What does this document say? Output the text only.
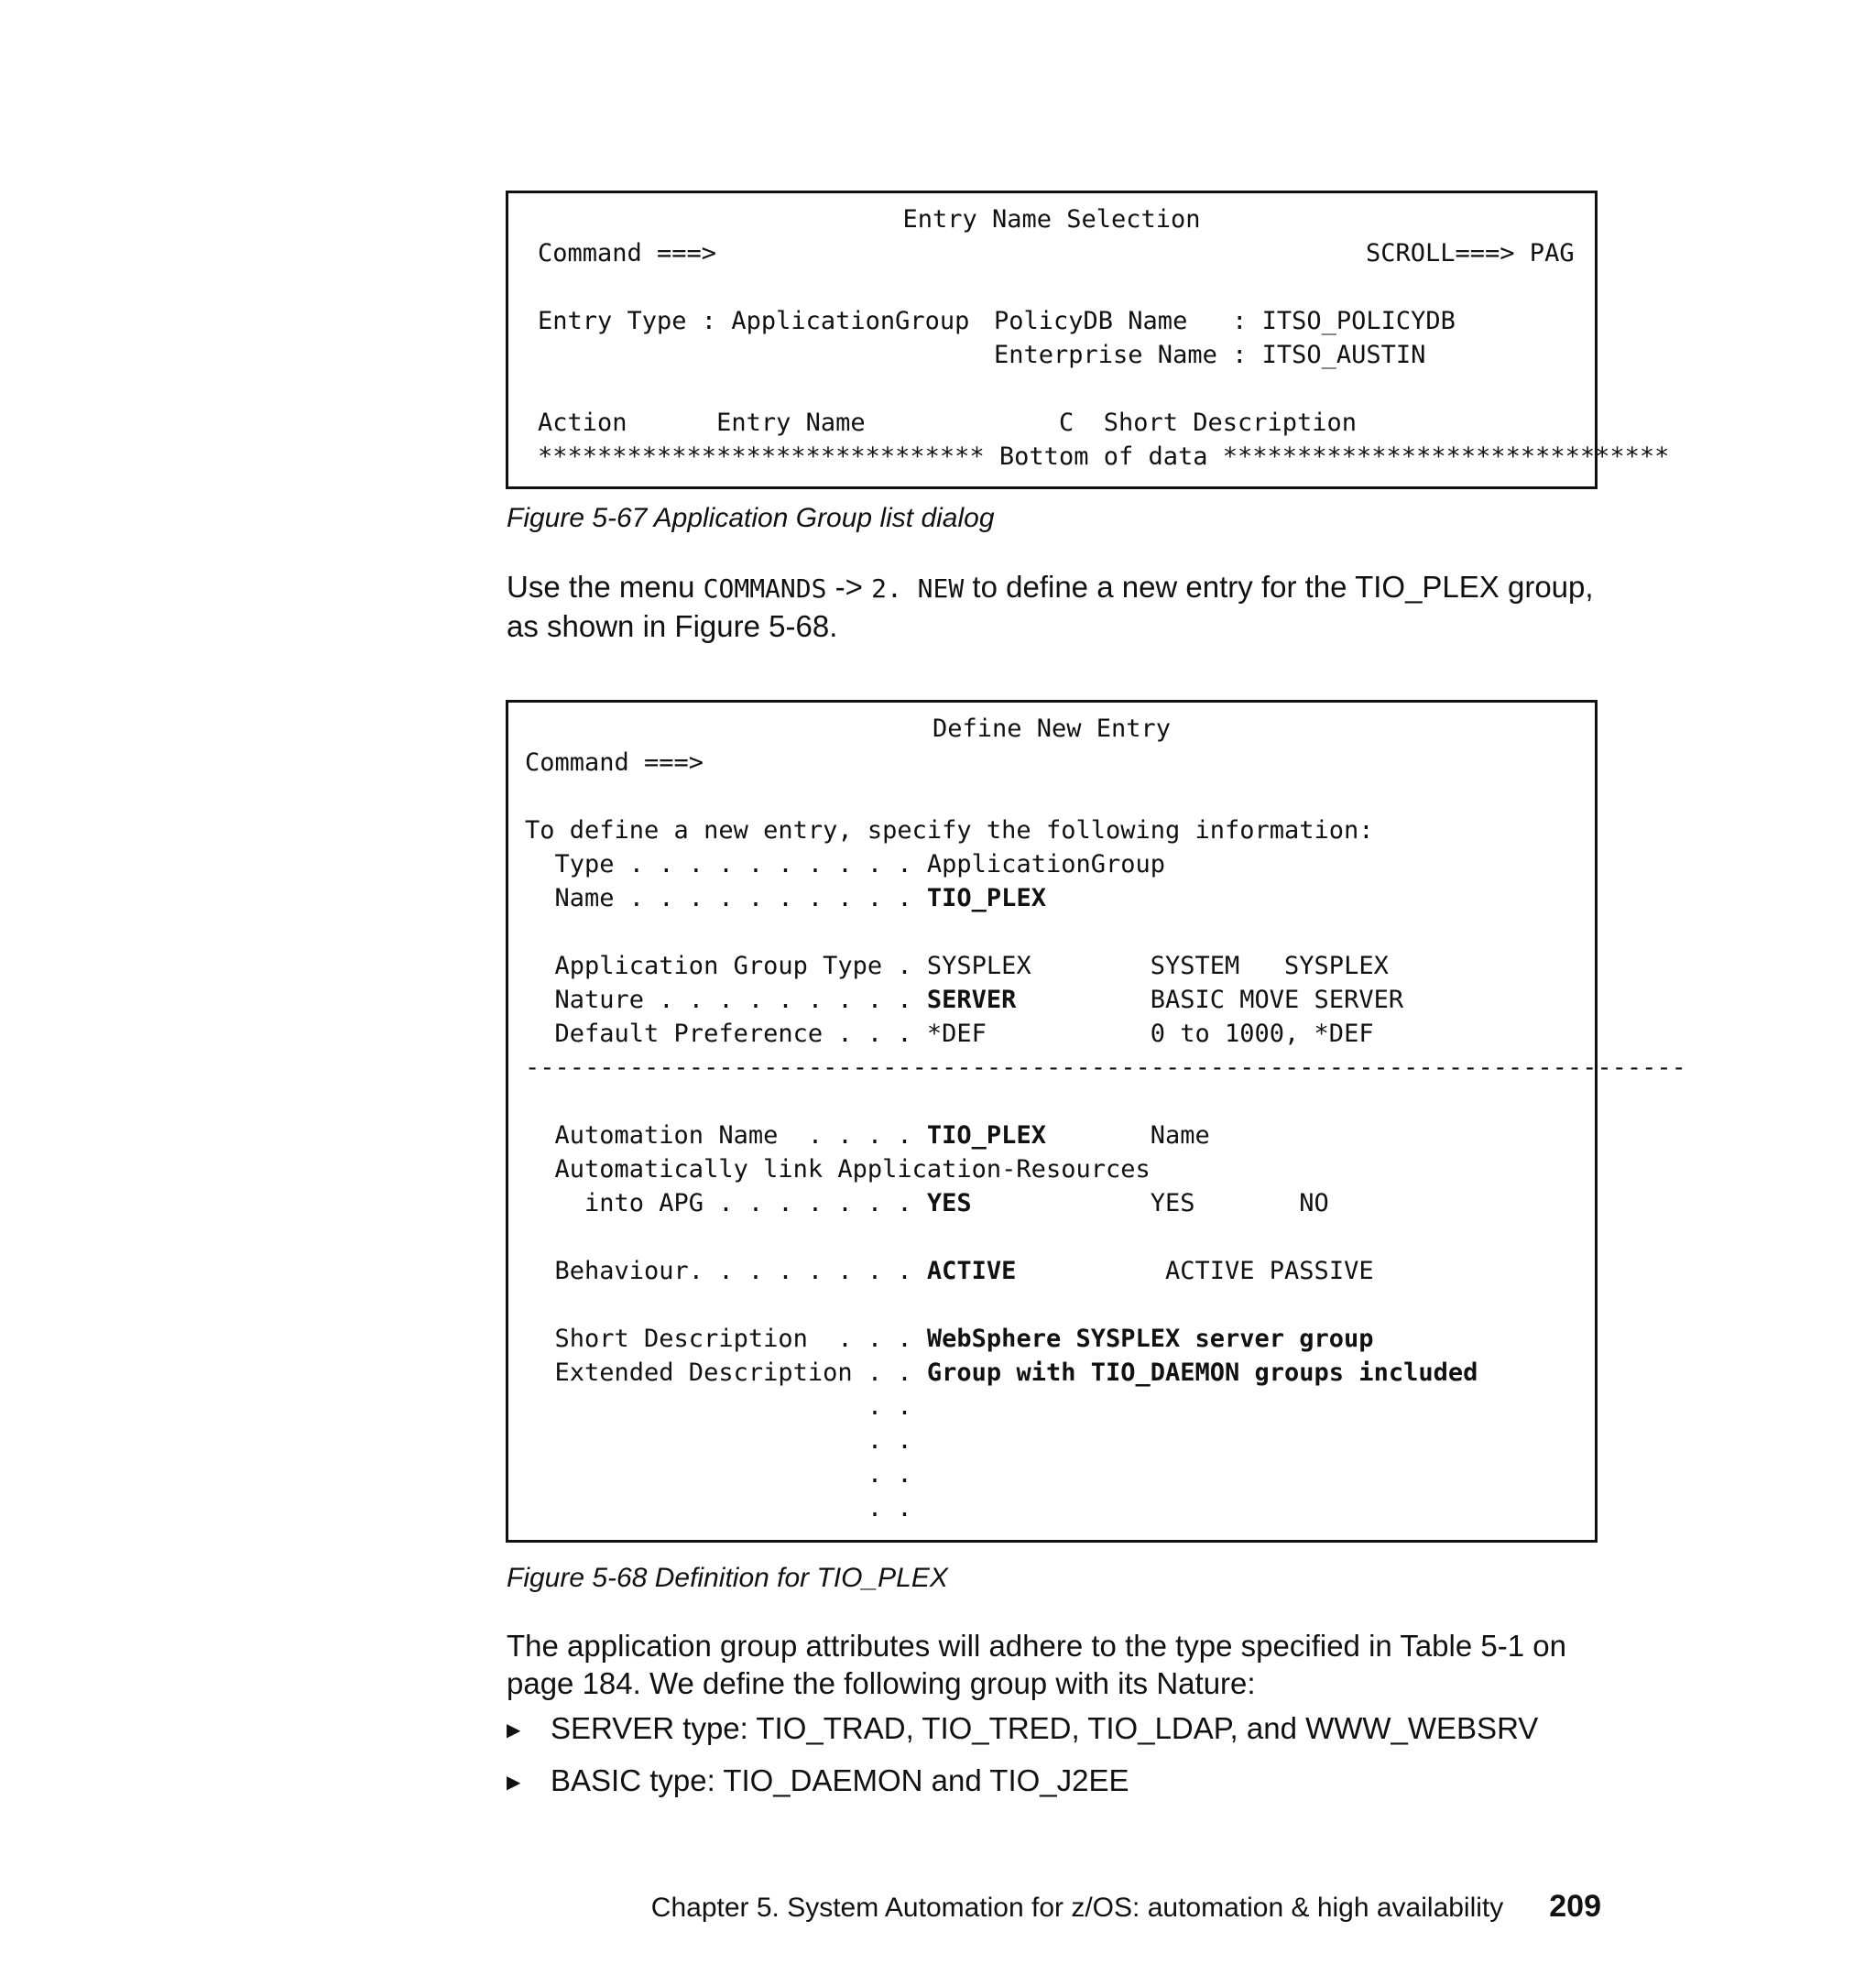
Entry Name Selection
Command ===>	SCROLL===> PAG
Entry Type : ApplicationGroup PolicyDB Name   : ITSO_POLICYDB
Enterprise Name : ITSO_AUSTIN
Action      Entry Name             C  Short Description
****************************** Bottom of data ******************************
Figure 5-67 Application Group list dialog
Use the menu COMMANDS -> 2. NEW to define a new entry for the TIO_PLEX group, as shown in Figure 5-68.
Define New Entry
Command ===>
To define a new entry, specify the following information:
Type . . . . . . . . . . ApplicationGroup
Name . . . . . . . . . . TIO_PLEX
Application Group Type . SYSPLEX        SYSTEM   SYSPLEX
Nature . . . . . . . . . SERVER         BASIC MOVE SERVER
Default Preference . . . *DEF           0 to 1000, *DEF
------------------------------------------------------------------------------
Automation Name  . . . . TIO_PLEX       Name
Automatically link Application-Resources
into APG . . . . . . . YES            YES       NO
Behaviour. . . . . . . . ACTIVE          ACTIVE PASSIVE
Short Description  . . . WebSphere SYSPLEX server group
Extended Description . . Group with TIO_DAEMON groups included
. .
. .
. .
. .
Figure 5-68 Definition for TIO_PLEX
The application group attributes will adhere to the type specified in Table 5-1 on page 184. We define the following group with its Nature:
▶ SERVER type: TIO_TRAD, TIO_TRED, TIO_LDAP, and WWW_WEBSRV
▶ BASIC type: TIO_DAEMON and TIO_J2EE
Chapter 5. System Automation for z/OS: automation & high availability 209
